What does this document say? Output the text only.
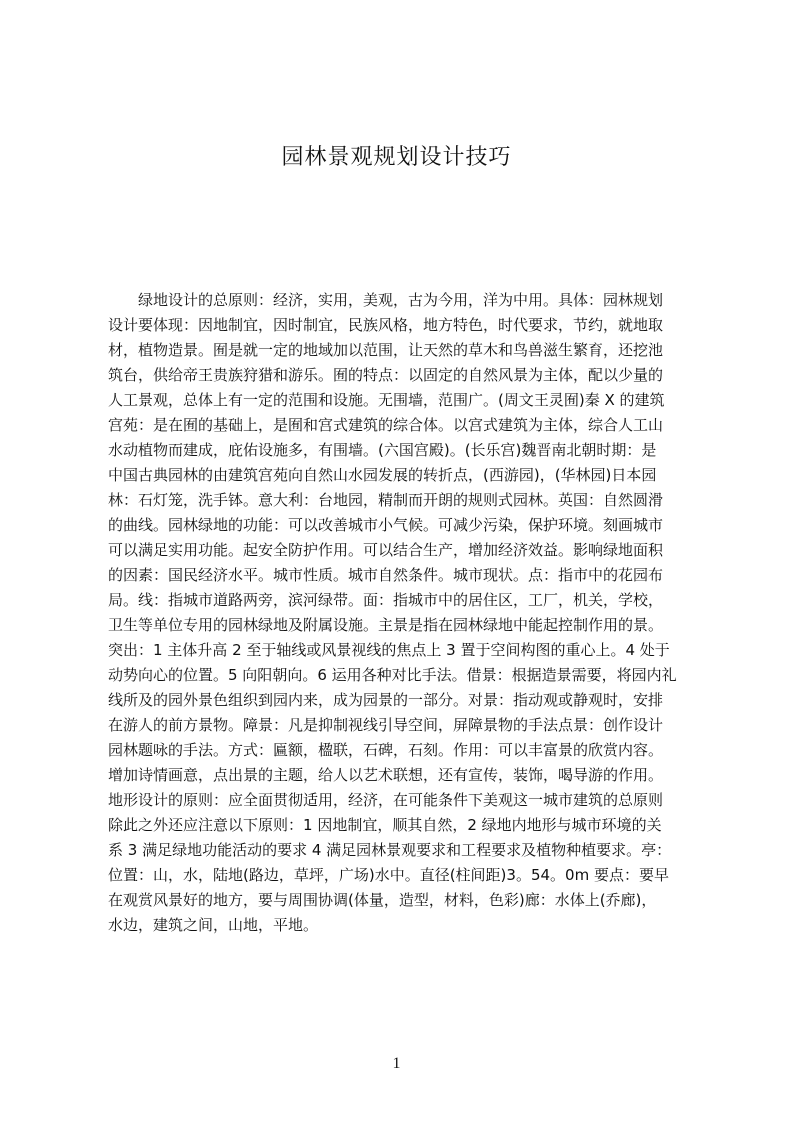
园林景观规划设计技巧
绿地设计的总原则：经济，实用，美观，古为今用，洋为中用。具体：园林规划
设计要体现：因地制宜，因时制宜，民族风格，地方特色，时代要求，节约，就地取
材，植物造景。囿是就一定的地域加以范围，让天然的草木和鸟兽滋生繁育，还挖池
筑台，供给帝王贵族狩猎和游乐。囿的特点：以固定的自然风景为主体，配以少量的
人工景观，总体上有一定的范围和设施。无围墙，范围广。(周文王灵囿)秦 X 的建筑
宫苑：是在囿的基础上，是囿和宫式建筑的综合体。以宫式建筑为主体，综合人工山
水动植物而建成，庇佑设施多，有围墙。(六国宫殿)。(长乐宫)魏晋南北朝时期：是
中国古典园林的由建筑宫苑向自然山水园发展的转折点，(西游园)，(华林园)日本园
林：石灯笼，洗手钵。意大利：台地园，精制而开朗的规则式园林。英国：自然圆滑
的曲线。园林绿地的功能：可以改善城市小气候。可减少污染，保护环境。刻画城市
可以满足实用功能。起安全防护作用。可以结合生产，增加经济效益。影响绿地面积
的因素：国民经济水平。城市性质。城市自然条件。城市现状。点：指市中的花园布
局。线：指城市道路两旁，滨河绿带。面：指城市中的居住区，工厂，机关，学校，
卫生等单位专用的园林绿地及附属设施。主景是指在园林绿地中能起控制作用的景。
突出：1 主体升高 2 至于轴线或风景视线的焦点上 3 置于空间构图的重心上。4 处于
动势向心的位置。5 向阳朝向。6 运用各种对比手法。借景：根据造景需要，将园内礼
线所及的园外景色组织到园内来，成为园景的一部分。对景：指动观或静观时，安排
在游人的前方景物。障景：凡是抑制视线引导空间，屏障景物的手法点景：创作设计
园林题咏的手法。方式：匾额，楹联，石碑，石刻。作用：可以丰富景的欣赏内容。
增加诗情画意，点出景的主题，给人以艺术联想，还有宣传，装饰，喝导游的作用。
地形设计的原则：应全面贯彻适用，经济，在可能条件下美观这一城市建筑的总原则
除此之外还应注意以下原则：1 因地制宜，顺其自然，2 绿地内地形与城市环境的关
系 3 满足绿地功能活动的要求 4 满足园林景观要求和工程要求及植物种植要求。亭：
位置：山，水，陆地(路边，草坪，广场)水中。直径(柱间距)3。54。0m 要点：要早
在观赏风景好的地方，要与周围协调(体量，造型，材料，色彩)廊：水体上(乔廊)，
水边，建筑之间，山地，平地。
1
